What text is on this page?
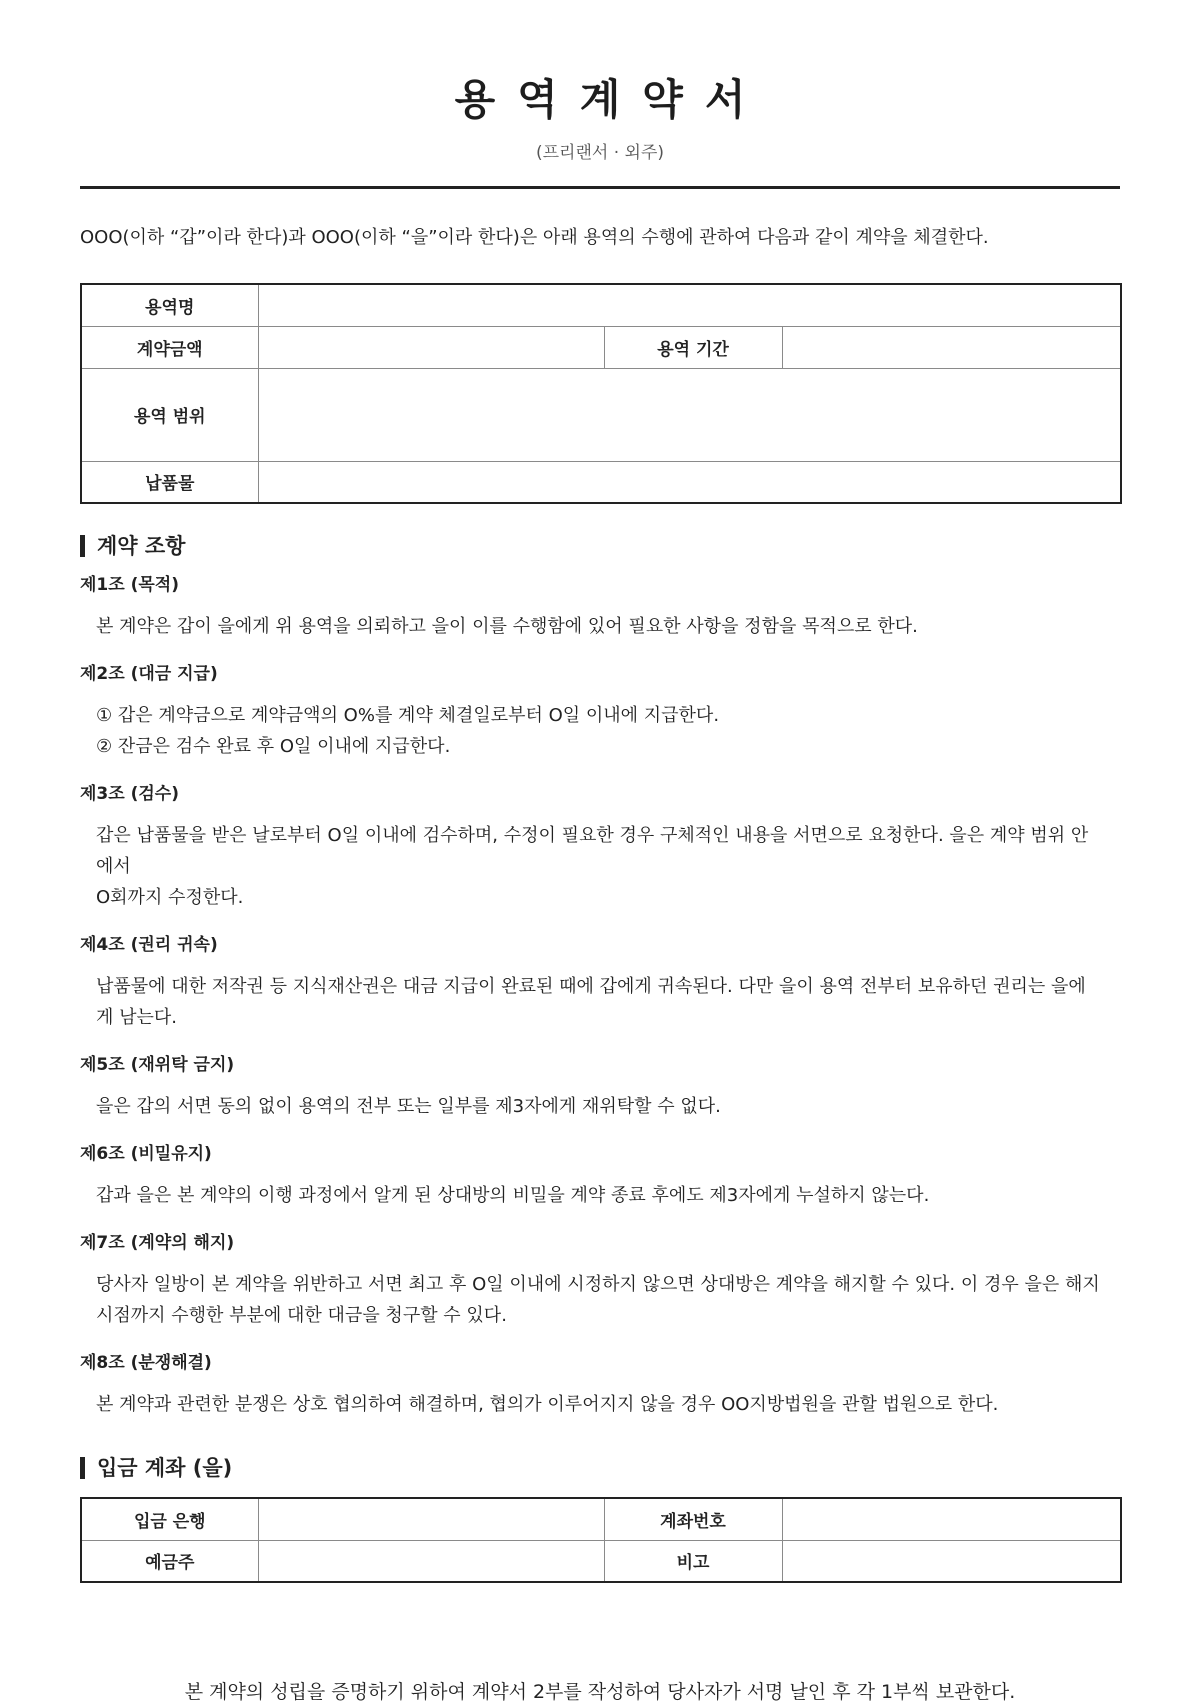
용역계약서
(프리랜서 · 외주)
OOO(이하 “갑”이라 한다)과 OOO(이하 “을”이라 한다)은 아래 용역의 수행에 관하여 다음과 같이 계약을 체결한다.
용역명			
계약금액		용역 기간	
용역 범위			
납품물			
계약 조항
제1조 (목적)
본 계약은 갑이 을에게 위 용역을 의뢰하고 을이 이를 수행함에 있어 필요한 사항을 정함을 목적으로 한다.
제2조 (대금 지급)
① 갑은 계약금으로 계약금액의 O%를 계약 체결일로부터 O일 이내에 지급한다.
② 잔금은 검수 완료 후 O일 이내에 지급한다.
제3조 (검수)
갑은 납품물을 받은 날로부터 O일 이내에 검수하며, 수정이 필요한 경우 구체적인 내용을 서면으로 요청한다. 을은 계약 범위 안에서
O회까지 수정한다.
제4조 (권리 귀속)
납품물에 대한 저작권 등 지식재산권은 대금 지급이 완료된 때에 갑에게 귀속된다. 다만 을이 용역 전부터 보유하던 권리는 을에게 남는다.
제5조 (재위탁 금지)
을은 갑의 서면 동의 없이 용역의 전부 또는 일부를 제3자에게 재위탁할 수 없다.
제6조 (비밀유지)
갑과 을은 본 계약의 이행 과정에서 알게 된 상대방의 비밀을 계약 종료 후에도 제3자에게 누설하지 않는다.
제7조 (계약의 해지)
당사자 일방이 본 계약을 위반하고 서면 최고 후 O일 이내에 시정하지 않으면 상대방은 계약을 해지할 수 있다. 이 경우 을은 해지
시점까지 수행한 부분에 대한 대금을 청구할 수 있다.
제8조 (분쟁해결)
본 계약과 관련한 분쟁은 상호 협의하여 해결하며, 협의가 이루어지지 않을 경우 OO지방법원을 관할 법원으로 한다.
입금 계좌 (을)
입금 은행		계좌번호	
예금주		비고	
본 계약의 성립을 증명하기 위하여 계약서 2부를 작성하여 당사자가 서명 날인 후 각 1부씩 보관한다.
